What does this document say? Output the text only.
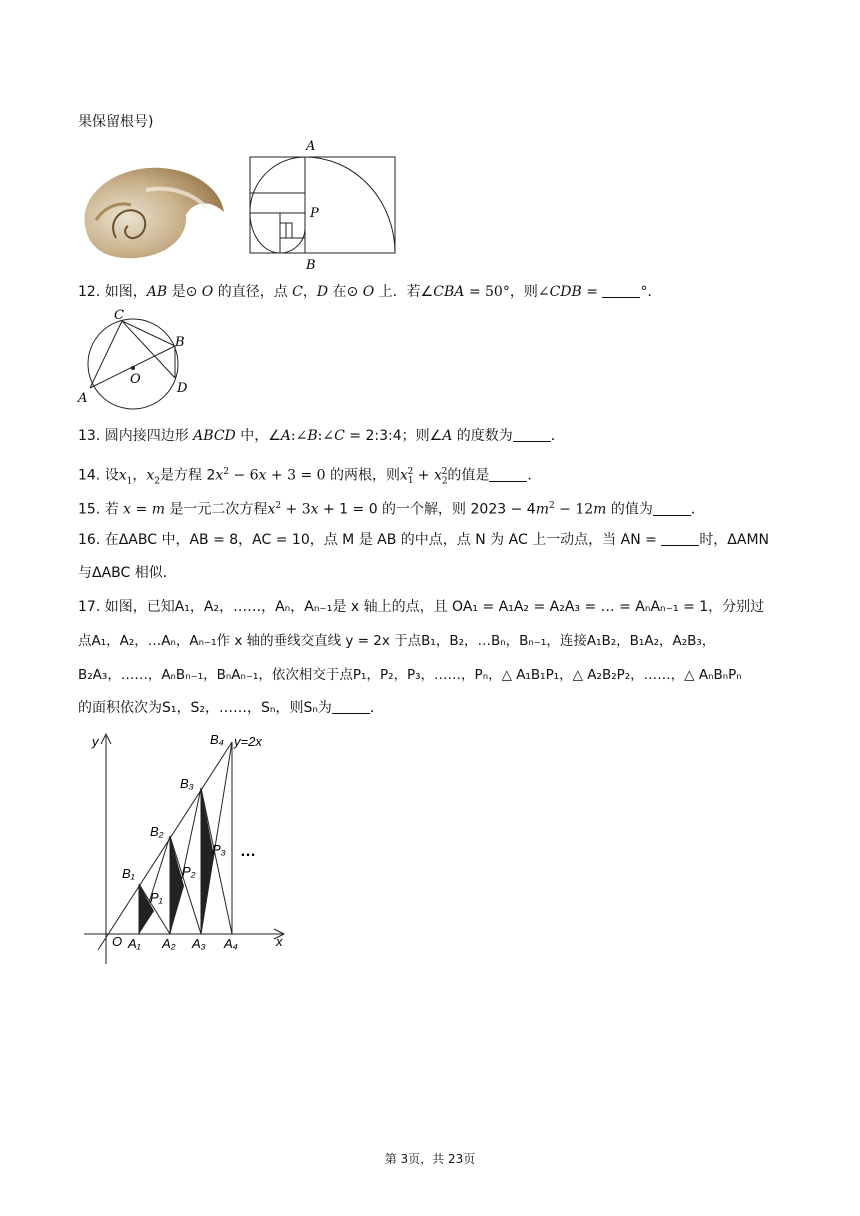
果保留根号)
A
P
B
12. 如图，AB 是⊙ O 的直径，点 C，D 在⊙ O 上．若∠CBA = 50°，则∠CDB =	°．
C
B
O
A
D
13. 圆内接四边形 ABCD 中，∠A:∠B:∠C = 2:3:4；则∠A 的度数为	．
14. 设$x_1$，$x_2$是方程 $2x^2 - 6x + 3 = 0$ 的两根，则$x_1^2 + x_2^2$的值是	．
15. 若 x = m 是一元二次方程$x^2 + 3x + 1 = 0$ 的一个解，则 $2023 - 4m^2 - 12m$ 的值为	．
16. 在ΔABC 中，AB = 8，AC = 10，点 M 是 AB 的中点，点 N 为 AC 上一动点，当 AN =	时，ΔAMN
与ΔABC 相似．
17. 如图，已知A₁，A₂，……，Aₙ，Aₙ₋₁是 x 轴上的点，且 OA₁ = A₁A₂ = A₂A₃ = … = AₙAₙ₋₁ = 1，分别过
点A₁，A₂，…Aₙ，Aₙ₋₁作 x 轴的垂线交直线 y = 2x 于点B₁，B₂，…Bₙ，Bₙ₋₁，连接A₁B₂，B₁A₂，A₂B₃，
B₂A₃，……，AₙBₙ₋₁，BₙAₙ₋₁，依次相交于点P₁，P₂，P₃，……，Pₙ，△ A₁B₁P₁，△ A₂B₂P₂，……，△ AₙBₙPₙ
的面积依次为S₁，S₂，……，Sₙ，则Sₙ为	．
y
x
O
y=2x
A₁ A₂ A₃ A₄
B₁
B₂
B₃
B₄
P₁
P₂
P₃ …
第 3页，共 23页
